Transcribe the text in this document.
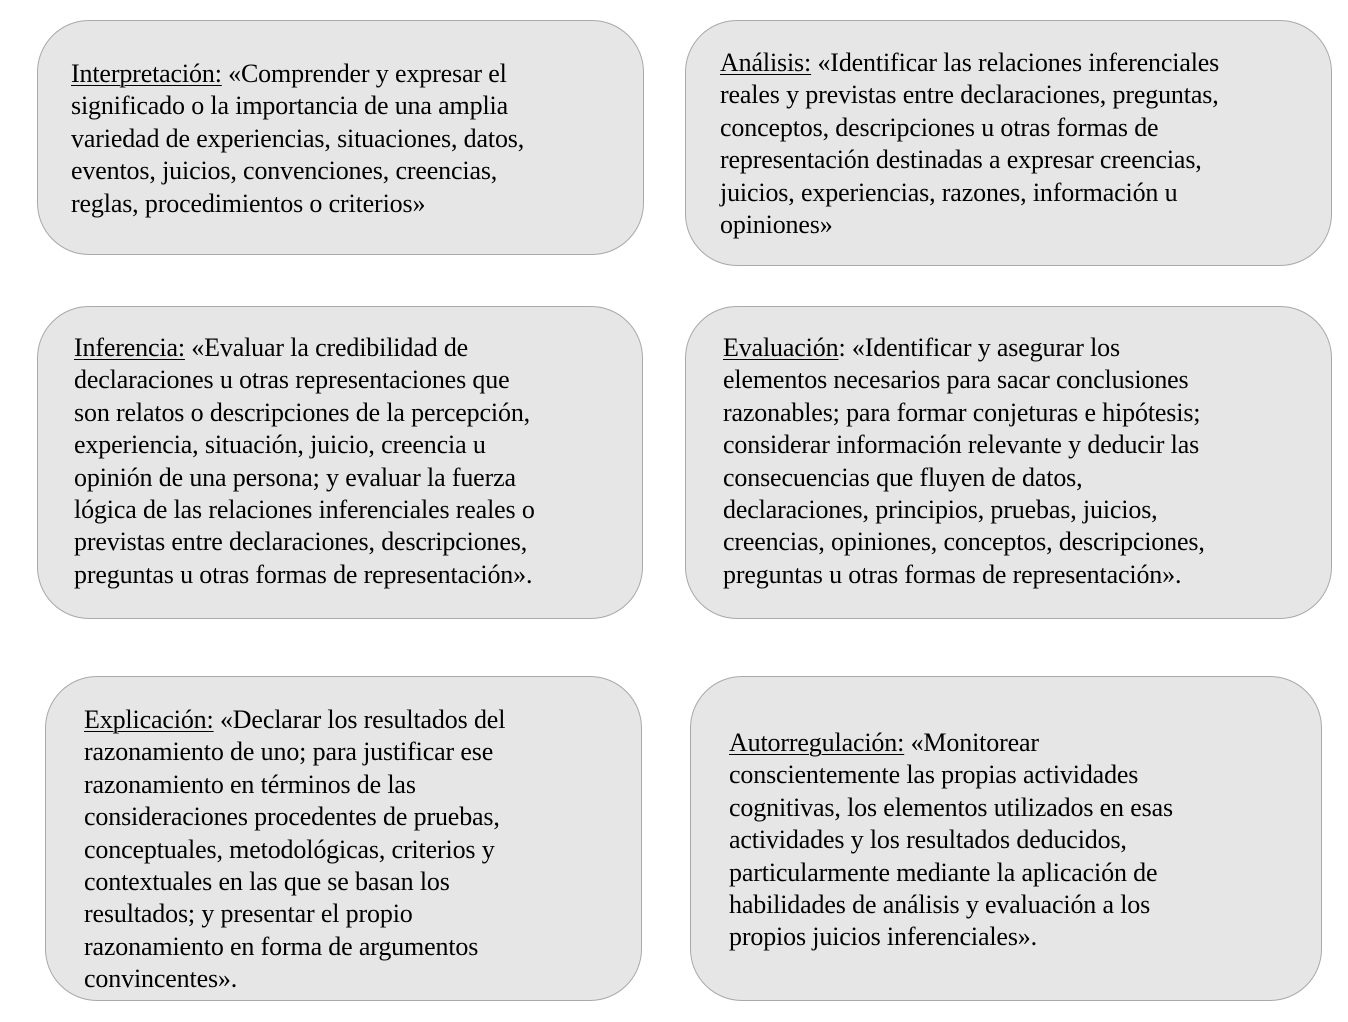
Interpretación: «Comprender y expresar el
significado o la importancia de una amplia
variedad de experiencias, situaciones, datos,
eventos, juicios, convenciones, creencias,
reglas, procedimientos o criterios»
Análisis: «Identificar las relaciones inferenciales
reales y previstas entre declaraciones, preguntas,
conceptos, descripciones u otras formas de
representación destinadas a expresar creencias,
juicios, experiencias, razones, información u
opiniones»
Inferencia: «Evaluar la credibilidad de
declaraciones u otras representaciones que
son relatos o descripciones de la percepción,
experiencia, situación, juicio, creencia u
opinión de una persona; y evaluar la fuerza
lógica de las relaciones inferenciales reales o
previstas entre declaraciones, descripciones,
preguntas u otras formas de representación».
Evaluación: «Identificar y asegurar los
elementos necesarios para sacar conclusiones
razonables; para formar conjeturas e hipótesis;
considerar información relevante y deducir las
consecuencias que fluyen de datos,
declaraciones, principios, pruebas, juicios,
creencias, opiniones, conceptos, descripciones,
preguntas u otras formas de representación».
Explicación: «Declarar los resultados del
razonamiento de uno; para justificar ese
razonamiento en términos de las
consideraciones procedentes de pruebas,
conceptuales, metodológicas, criterios y
contextuales en las que se basan los
resultados; y presentar el propio
razonamiento en forma de argumentos
convincentes».
Autorregulación: «Monitorear
conscientemente las propias actividades
cognitivas, los elementos utilizados en esas
actividades y los resultados deducidos,
particularmente mediante la aplicación de
habilidades de análisis y evaluación a los
propios juicios inferenciales».
